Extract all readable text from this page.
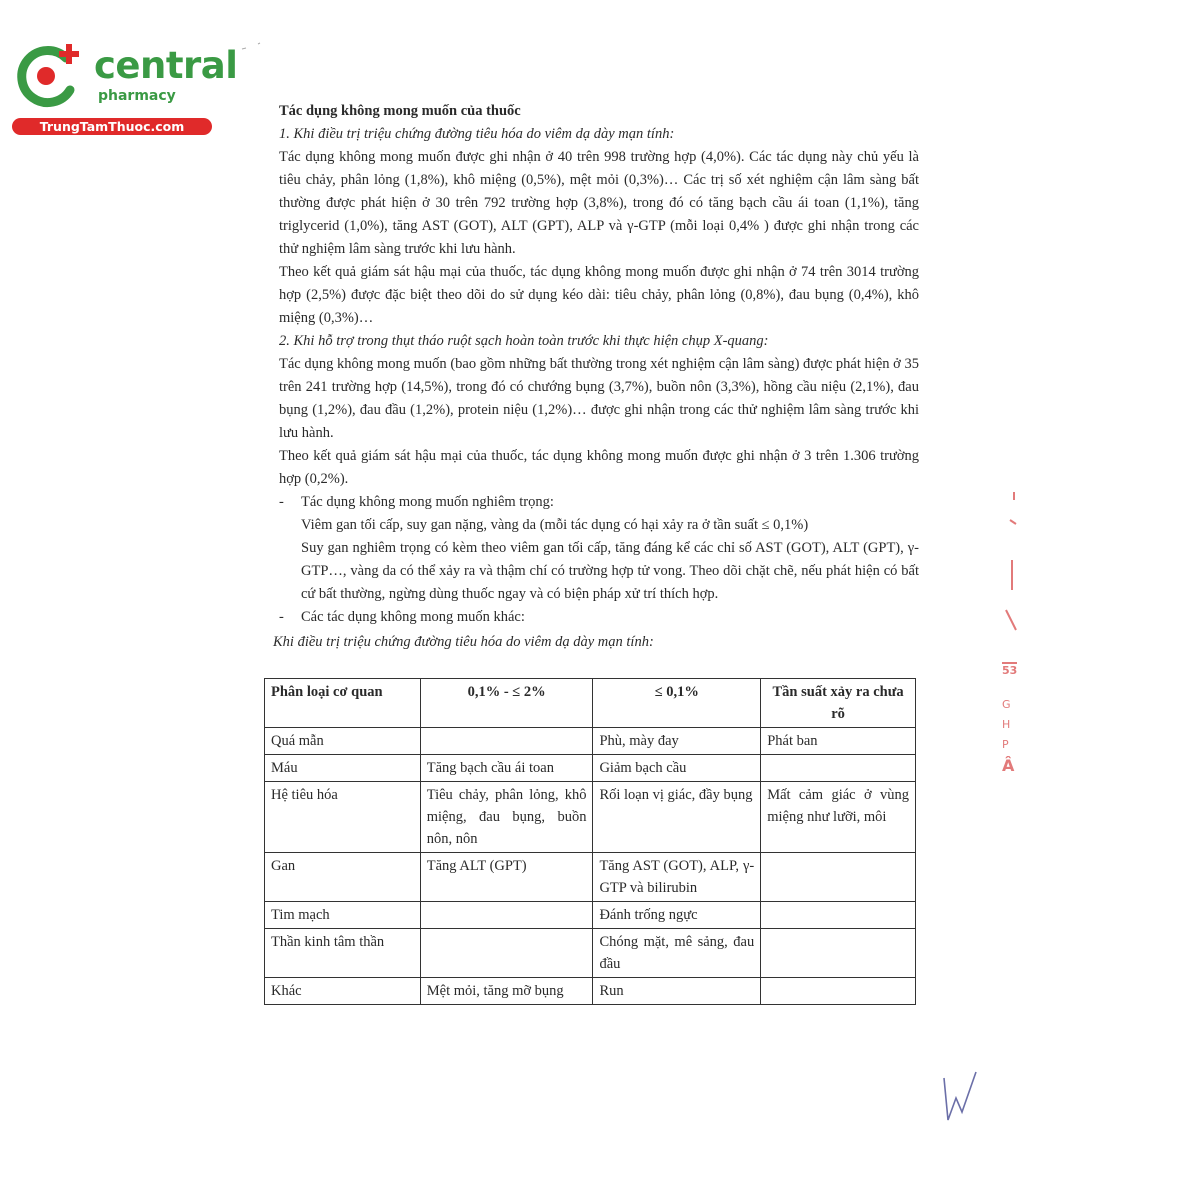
central
pharmacy
TrungTamThuoc.com

Tác dụng không mong muốn của thuốc

1. Khi điều trị triệu chứng đường tiêu hóa do viêm dạ dày mạn tính:

Tác dụng không mong muốn được ghi nhận ở 40 trên 998 trường hợp (4,0%). Các tác dụng này chủ yếu là tiêu chảy, phân lỏng (1,8%), khô miệng (0,5%), mệt mỏi (0,3%)… Các trị số xét nghiệm cận lâm sàng bất thường được phát hiện ở 30 trên 792 trường hợp (3,8%), trong đó có tăng bạch cầu ái toan (1,1%), tăng triglycerid (1,0%), tăng AST (GOT), ALT (GPT), ALP và γ-GTP (mỗi loại 0,4% ) được ghi nhận trong các thử nghiệm lâm sàng trước khi lưu hành.

Theo kết quả giám sát hậu mại của thuốc, tác dụng không mong muốn được ghi nhận ở 74 trên 3014 trường hợp (2,5%) được đặc biệt theo dõi do sử dụng kéo dài: tiêu chảy, phân lỏng (0,8%), đau bụng (0,4%), khô miệng (0,3%)…

2. Khi hỗ trợ trong thụt tháo ruột sạch hoàn toàn trước khi thực hiện chụp X-quang:

Tác dụng không mong muốn (bao gồm những bất thường trong xét nghiệm cận lâm sàng) được phát hiện ở 35 trên 241 trường hợp (14,5%), trong đó có chướng bụng (3,7%), buồn nôn (3,3%), hồng cầu niệu (2,1%), đau bụng (1,2%), đau đầu (1,2%), protein niệu (1,2%)… được ghi nhận trong các thử nghiệm lâm sàng trước khi lưu hành.

Theo kết quả giám sát hậu mại của thuốc, tác dụng không mong muốn được ghi nhận ở 3 trên 1.306 trường hợp (0,2%).

-	Tác dụng không mong muốn nghiêm trọng:

Viêm gan tối cấp, suy gan nặng, vàng da (mỗi tác dụng có hại xảy ra ở tần suất ≤ 0,1%)

Suy gan nghiêm trọng có kèm theo viêm gan tối cấp, tăng đáng kể các chỉ số AST (GOT), ALT (GPT), γ-GTP…, vàng da có thể xảy ra và thậm chí có trường hợp tử vong. Theo dõi chặt chẽ, nếu phát hiện có bất cứ bất thường, ngừng dùng thuốc ngay và có biện pháp xử trí thích hợp.

-	Các tác dụng không mong muốn khác:

Khi điều trị triệu chứng đường tiêu hóa do viêm dạ dày mạn tính:

Phân loại cơ quan	0,1% - ≤ 2%	≤ 0,1%	Tần suất xảy ra chưa rõ
Quá mẫn		Phù, mày đay	Phát ban
Máu	Tăng bạch cầu ái toan	Giảm bạch cầu	
Hệ tiêu hóa	Tiêu chảy, phân lỏng, khô miệng, đau bụng, buồn nôn, nôn	Rối loạn vị giác, đầy bụng	Mất cảm giác ở vùng miệng như lưỡi, môi
Gan	Tăng ALT (GPT)	Tăng AST (GOT), ALP, γ- GTP và bilirubin	
Tim mạch		Đánh trống ngực	
Thần kinh tâm thần		Chóng mặt, mê sảng, đau đầu	
Khác	Mệt mỏi, tăng mỡ bụng	Run	
53
G
H
P
Â
